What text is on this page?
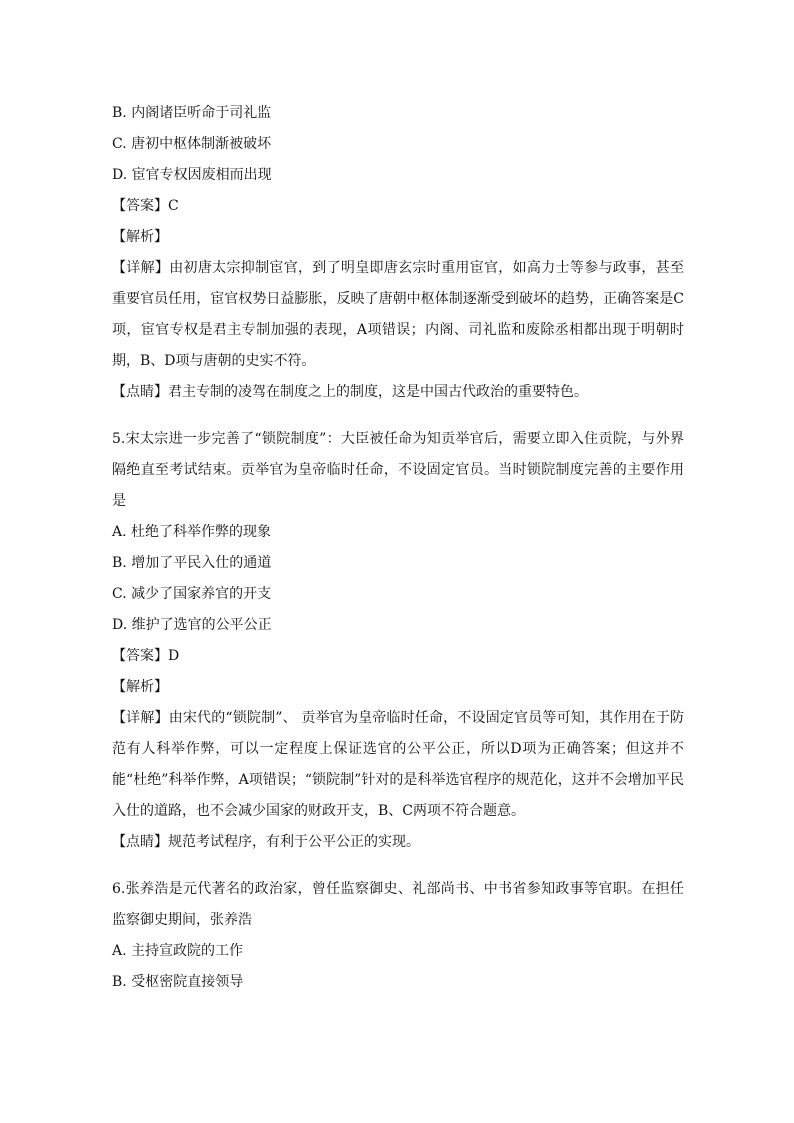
B. 内阁诸臣听命于司礼监
C. 唐初中枢体制渐被破坏
D. 宦官专权因废相而出现
【答案】C
【解析】
【详解】由初唐太宗抑制宦官，到了明皇即唐玄宗时重用宦官，如高力士等参与政事，甚至重要官员任用，宦官权势日益膨胀，反映了唐朝中枢体制逐渐受到破坏的趋势，正确答案是C项，宦官专权是君主专制加强的表现，A项错误；内阁、司礼监和废除丞相都出现于明朝时期，B、D项与唐朝的史实不符。
【点睛】君主专制的凌驾在制度之上的制度，这是中国古代政治的重要特色。
5.宋太宗进一步完善了“锁院制度”：大臣被任命为知贡举官后，需要立即入住贡院，与外界隔绝直至考试结束。贡举官为皇帝临时任命，不设固定官员。当时锁院制度完善的主要作用是
A. 杜绝了科举作弊的现象
B. 增加了平民入仕的通道
C. 减少了国家养官的开支
D. 维护了选官的公平公正
【答案】D
【解析】
【详解】由宋代的“锁院制”、 贡举官为皇帝临时任命，不设固定官员等可知，其作用在于防范有人科举作弊，可以一定程度上保证选官的公平公正，所以D项为正确答案；但这并不能“杜绝”科举作弊，A项错误；“锁院制”针对的是科举选官程序的规范化，这并不会增加平民入仕的道路，也不会减少国家的财政开支，B、C两项不符合题意。
【点睛】规范考试程序，有利于公平公正的实现。
6.张养浩是元代著名的政治家，曾任监察御史、礼部尚书、中书省参知政事等官职。在担任监察御史期间，张养浩
A. 主持宣政院的工作
B. 受枢密院直接领导
